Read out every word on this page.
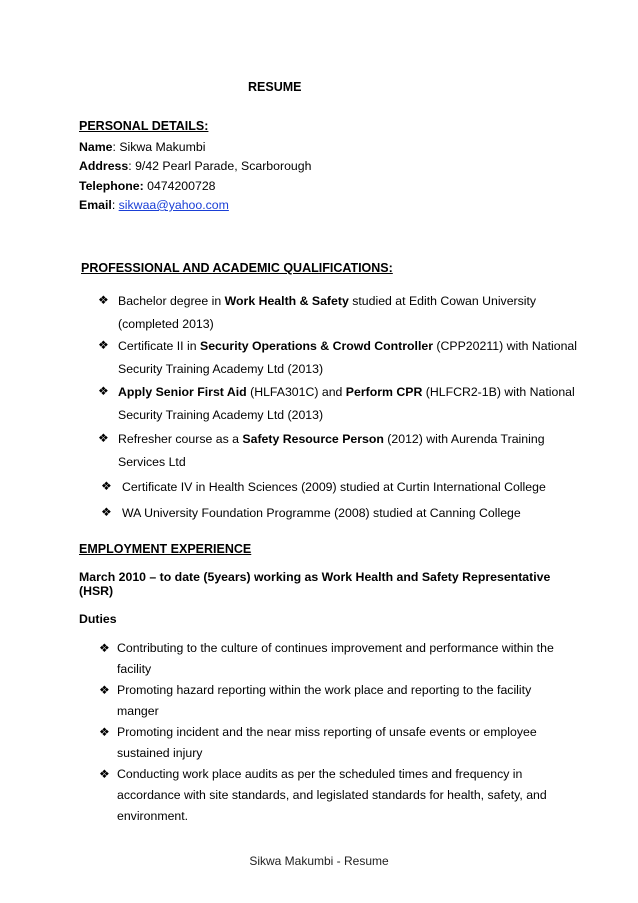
RESUME
PERSONAL DETAILS:
Name: Sikwa Makumbi
Address: 9/42 Pearl Parade, Scarborough
Telephone: 0474200728
Email: sikwaa@yahoo.com
PROFESSIONAL AND ACADEMIC QUALIFICATIONS:
❖ Bachelor degree in Work Health & Safety studied at Edith Cowan University
(completed 2013)
❖ Certificate II in Security Operations & Crowd Controller (CPP20211) with National
Security Training Academy Ltd (2013)
❖ Apply Senior First Aid (HLFA301C) and Perform CPR (HLFCR2-1B) with National
Security Training Academy Ltd (2013)
❖ Refresher course as a Safety Resource Person (2012) with Aurenda Training
Services Ltd
❖ Certificate IV in Health Sciences (2009) studied at Curtin International College
❖ WA University Foundation Programme (2008) studied at Canning College
EMPLOYMENT EXPERIENCE
March 2010 – to date (5years) working as Work Health and Safety Representative
(HSR)
Duties
❖ Contributing to the culture of continues improvement and performance within the
facility
❖ Promoting hazard reporting within the work place and reporting to the facility
manger
❖ Promoting incident and the near miss reporting of unsafe events or employee
sustained injury
❖ Conducting work place audits as per the scheduled times and frequency in
accordance with site standards, and legislated standards for health, safety, and
environment.
Sikwa Makumbi - Resume
